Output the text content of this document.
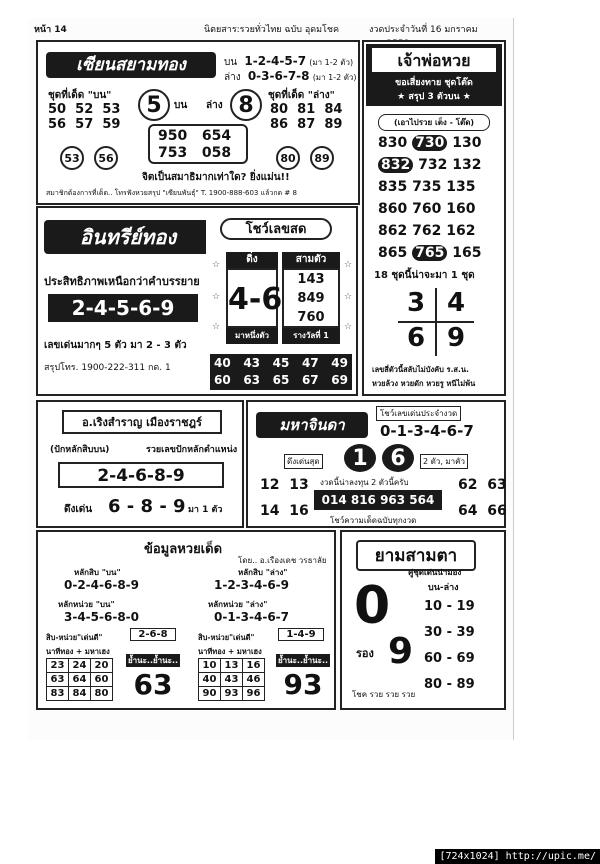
หน้า 14	นิตยสาร:รวยทั่วไทย ฉบับ อุดมโชค	งวดประจำวันที่ 16 มกราคม
เซียนสยามทอง	บน 1-2-4-5-7 (มา 1-2 ตัว)
ล่าง 0-3-6-7-8 (มา 1-2 ตัว)
ชุดที่เด็ด "บน"
50 52 53
56 57 59
5	บน ล่าง 8	ชุดที่เด็ด "ล่าง"
80 81 84
86 87 89
950 654
753 058
53	56	80	89
จิตเป็นสมาธิมากเท่าใด? ยิ่งแม่น!!
สมาชิกต้องการที่เด็ด.. โทรฟังหวยสรุป "เซียนพันธุ์" T. 1900-888-603 แล้วกด # 8
เจ้าพ่อหวย
ขอเสี่ยงทาย ชุดโต๊ด
★ สรุป 3 ตัวบน ★
(เอาไปรวย เต็ง - โต๊ด)
830 730 130
832 732 132
835 735 135
860 760 160
862 762 162
865 765 165
18 ชุดนี้น่าจะมา 1 ชุด
3 4
6 9
เลขสี่ตัวนี้สลับไม่บังคับ ร.ส.น.
หวยล้วง หวยดัก หวยรู หนีไม่พ้น
อินทรีย์ทอง
ประสิทธิภาพเหนือกว่าคำบรรยาย
2-4-5-6-9
เลขเด่นมากๆ 5 ตัว มา 2 - 3 ตัว
สรุปโทร. 1900-222-311 กด. 1
โชว์เลขสด
ดิ่ง
4-6
มาหนึ่งตัว
สามตัว
143
849
760
รางวัลที่ 1
☆
☆
☆
☆
☆
☆
40 43 45 47 49
60 63 65 67 69
อ.เริงสำราญ เมืองราชฎร์
(ปักหลักสิบบน)	รวยเลขปักหลักตำแหน่ง
2-4-6-8-9
ดึงเด่น 6 - 8 - 9 มา 1 ตัว
มหาจินดา
โชว์เลขเด่นประจำงวด
0-1-3-4-6-7
ดึงเด่นสุด	1	6	2 ตัว, มาคัว
12 13
14 16
งวดนี้น่าลงทุน 2 ตัวนี้ครับ
014 816 963 564
โชว์ความเด็ดฉบับทุกงวด
62 63
64 66
ข้อมูลหวยเด็ด
โดย.. อ.เรืองเดช วรธาลัย
หลักสิบ "บน"
0-2-4-6-8-9
หลักหน่วย "บน"
3-4-5-6-8-0
หลักสิบ "ล่าง"
1-2-3-4-6-9
หลักหน่วย "ล่าง"
0-1-3-4-6-7
สิบ-หน่วย"เด่นดี"	2-6-8	สิบ-หน่วย"เด่นดี"	1-4-9
นาทีทอง + มหาเฮง
23	24	20
63	64	60
83	84	80
ย้ำนะ..ย้ำนะ..
63
นาทีทอง + มหาเฮง
10	13	16
40	43	46
90	93	96
ย้ำนะ..ย้ำนะ..
93
ยามสามตา
คู่ชุดเด่นน่ามอง
บน-ล่าง
0
รอง 9
10 - 19
30 - 39
60 - 69
80 - 89
โชค รวย รวย รวย
[724x1024] http://upic.me/
